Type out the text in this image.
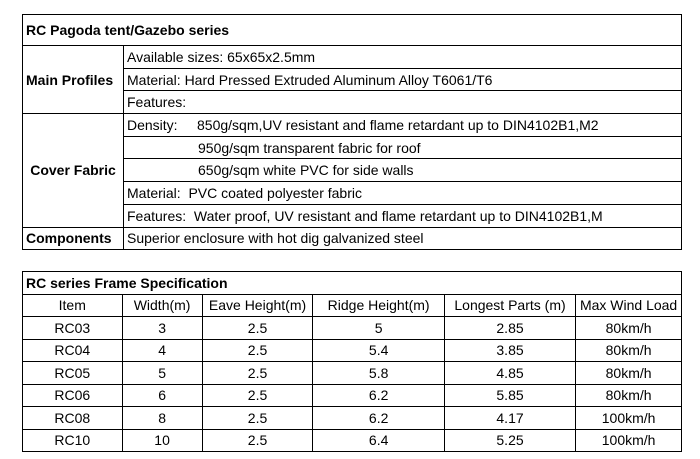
RC Pagoda tent/Gazebo series	
Main Profiles	Available sizes: 65x65x2.5mm
	Material: Hard Pressed Extruded Aluminum Alloy T6061/T6
	Features:
Cover Fabric	Density:     850g/sqm,UV resistant and flame retardant up to DIN4102B1,M2
	950g/sqm transparent fabric for roof
	650g/sqm white PVC for side walls
	Material:  PVC coated polyester fabric
	Features:  Water proof, UV resistant and flame retardant up to DIN4102B1,M
Components	Superior enclosure with hot dig galvanized steel
RC series Frame Specification					
Item	Width(m)	Eave Height(m)	Ridge Height(m)	Longest Parts (m)	Max Wind Load
RC03	3	2.5	5	2.85	80km/h
RC04	4	2.5	5.4	3.85	80km/h
RC05	5	2.5	5.8	4.85	80km/h
RC06	6	2.5	6.2	5.85	80km/h
RC08	8	2.5	6.2	4.17	100km/h
RC10	10	2.5	6.4	5.25	100km/h
